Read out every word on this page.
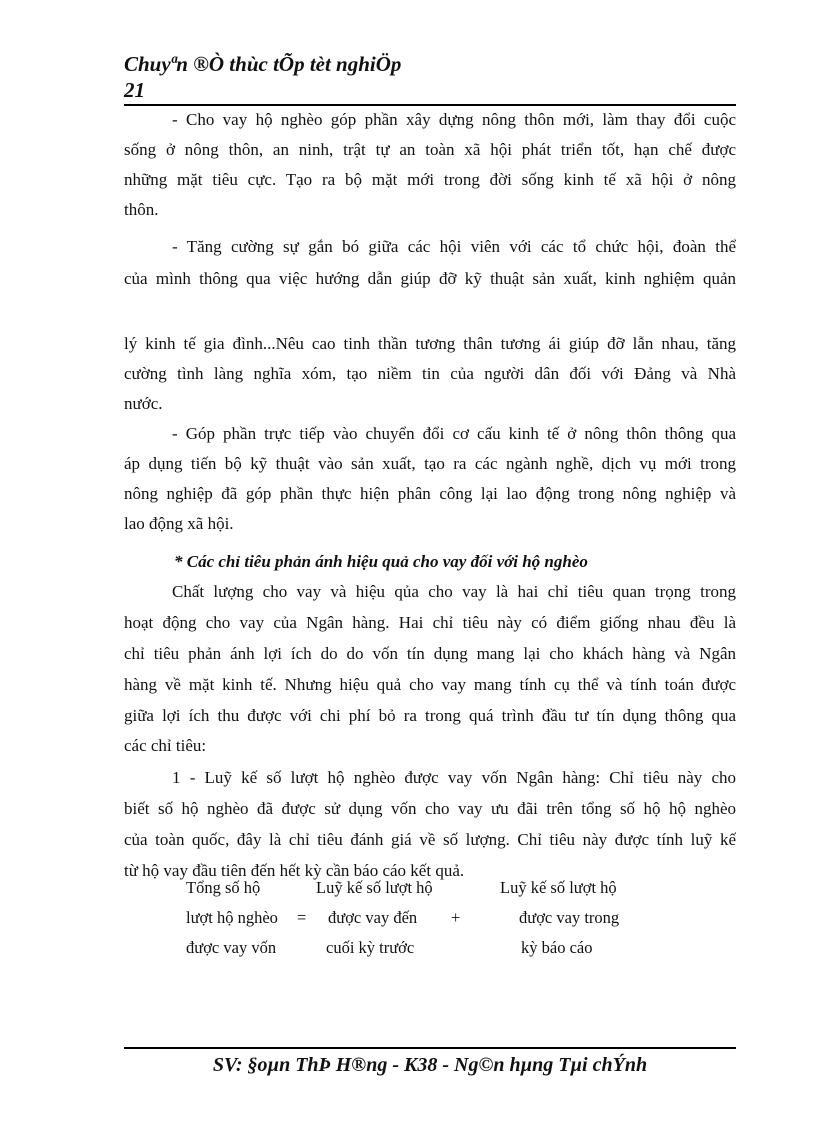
Chuyªn ®Ò thùc tÕp tèt nghiÖp
21
- Cho vay hộ nghèo góp phần xây dựng nông thôn mới, làm thay đổi cuộc
sống ở nông thôn, an ninh, trật tự an toàn xã hội phát triển tốt, hạn chế được
những mặt tiêu cực. Tạo ra bộ mặt mới trong đời sống kinh tế xã hội ở nông
thôn.
- Tăng cường sự gắn bó giữa các hội viên với các tổ chức hội, đoàn thể
của mình thông qua việc hướng dẫn giúp đỡ kỹ thuật sản xuất, kinh nghiệm quản
lý kinh tế gia đình...Nêu cao tinh thần tương thân tương ái giúp đỡ lẫn nhau, tăng
cường tình làng nghĩa xóm, tạo niềm tin của người dân đối với Đảng và Nhà
nước.
- Góp phần trực tiếp vào chuyển đổi cơ cấu kinh tế ở nông thôn thông qua
áp dụng tiến bộ kỹ thuật vào sản xuất, tạo ra các ngành nghề, dịch vụ mới trong
nông nghiệp đã góp phần thực hiện phân công lại lao động trong nông nghiệp và
lao động xã hội.
* Các chỉ tiêu phản ánh hiệu quả cho vay đối với hộ nghèo
Chất lượng cho vay và hiệu qủa cho vay là hai chỉ tiêu quan trọng trong
hoạt động cho vay của Ngân hàng. Hai chỉ tiêu này có điểm giống nhau đều là
chỉ tiêu phản ánh lợi ích do do vốn tín dụng mang lại cho khách hàng và Ngân
hàng về mặt kinh tế. Nhưng hiệu quả cho vay mang tính cụ thể và tính toán được
giữa lợi ích thu được với chi phí bỏ ra trong quá trình đầu tư tín dụng thông qua
các chỉ tiêu:
1 - Luỹ kế số lượt hộ nghèo được vay vốn Ngân hàng: Chỉ tiêu này cho
biết số hộ nghèo đã được sử dụng vốn cho vay ưu đãi trên tổng số hộ hộ nghèo
của toàn quốc, đây là chỉ tiêu đánh giá về số lượng. Chỉ tiêu này được tính luỹ kế
từ hộ vay đầu tiên đến hết kỳ cần báo cáo kết quả.
Tổng số hộ
lượt hộ nghèo
được vay vốn
=
Luỹ kế số lượt hộ
được vay đến
cuối kỳ trước
+
Luỹ kế số lượt hộ
được vay trong
kỳ báo cáo
SV: §oµn ThÞ H®ng - K38 - Ng©n hµng Tµi chÝnh
